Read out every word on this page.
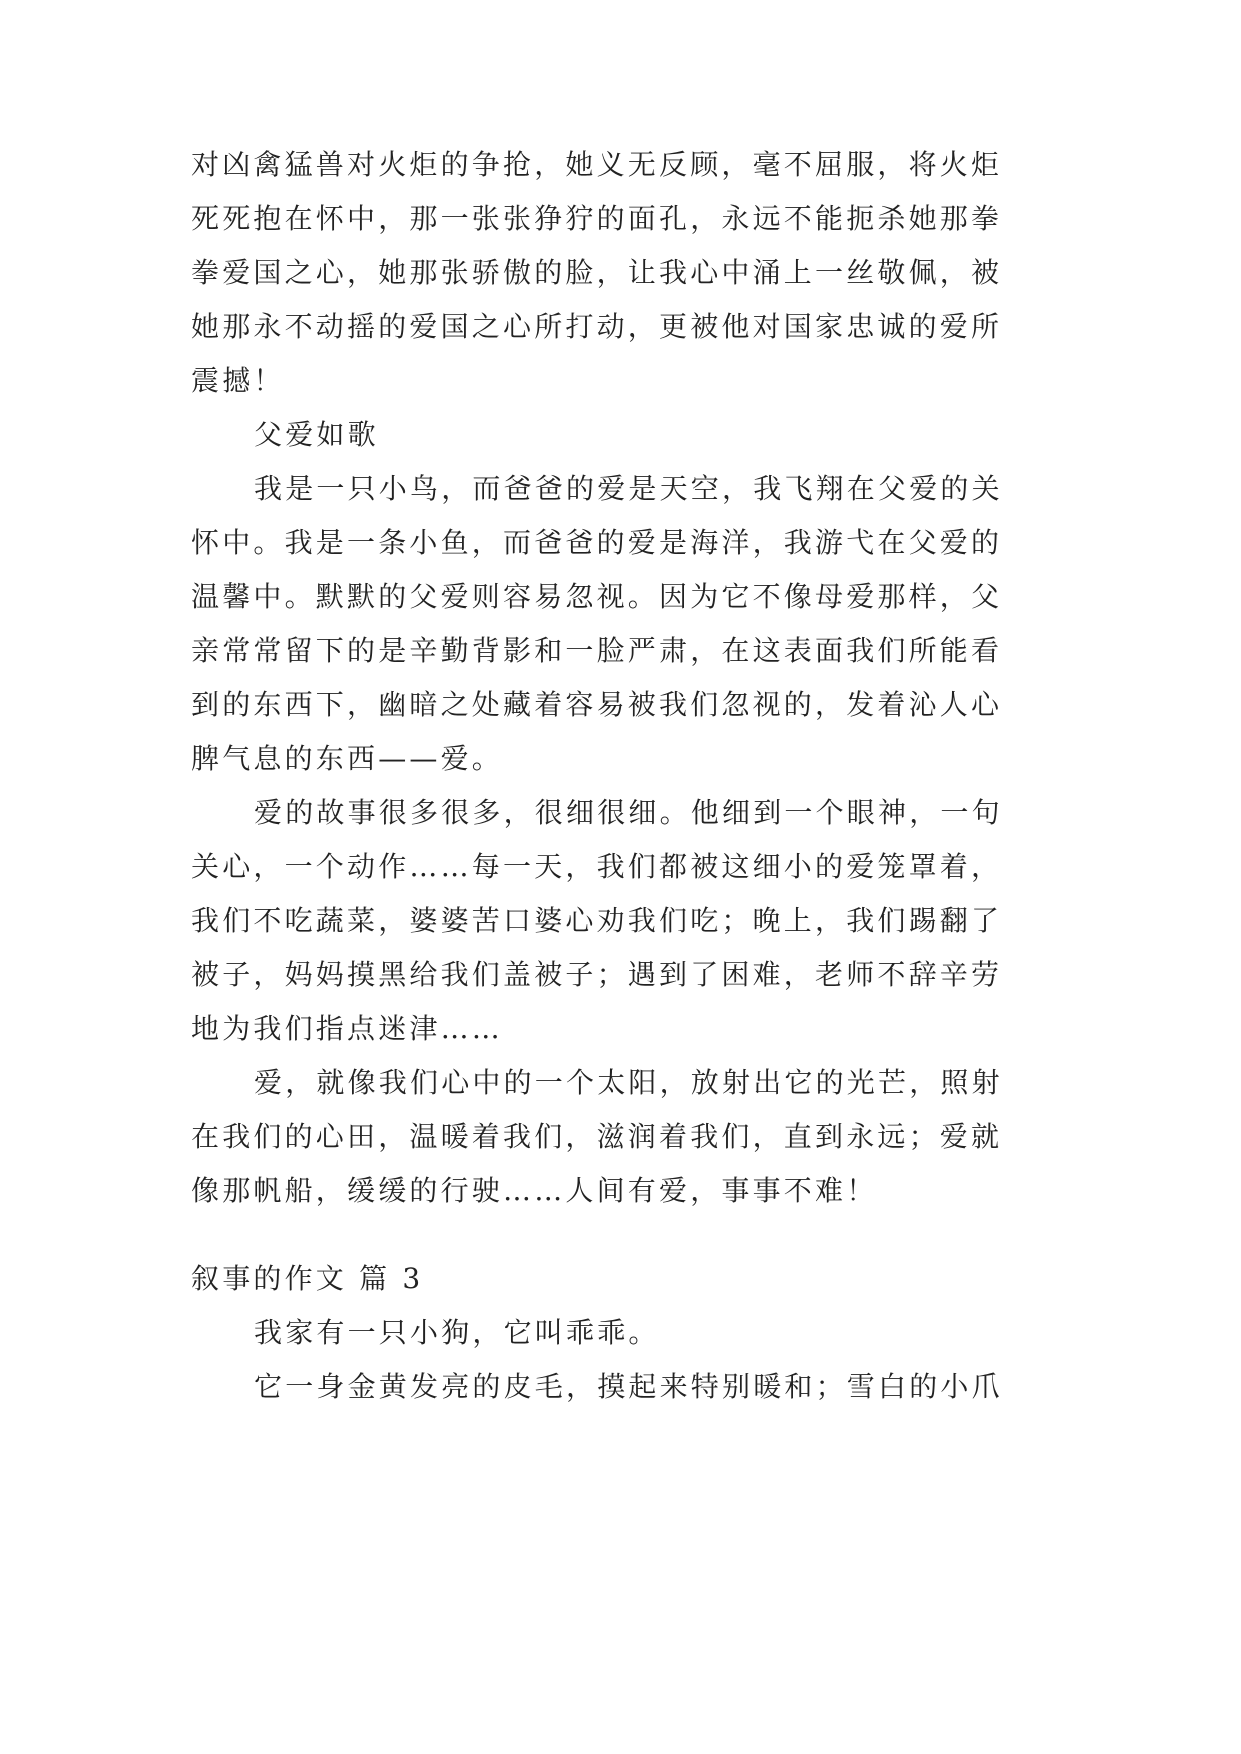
对凶禽猛兽对火炬的争抢，她义无反顾，毫不屈服，将火炬
死死抱在怀中，那一张张狰狞的面孔，永远不能扼杀她那拳
拳爱国之心，她那张骄傲的脸，让我心中涌上一丝敬佩，被
她那永不动摇的爱国之心所打动，更被他对国家忠诚的爱所
震撼！
父爱如歌
我是一只小鸟，而爸爸的爱是天空，我飞翔在父爱的关
怀中。我是一条小鱼，而爸爸的爱是海洋，我游弋在父爱的
温馨中。默默的父爱则容易忽视。因为它不像母爱那样，父
亲常常留下的是辛勤背影和一脸严肃，在这表面我们所能看
到的东西下，幽暗之处藏着容易被我们忽视的，发着沁人心
脾气息的东西——爱。
爱的故事很多很多，很细很细。他细到一个眼神，一句
关心，一个动作……每一天，我们都被这细小的爱笼罩着，
我们不吃蔬菜，婆婆苦口婆心劝我们吃；晚上，我们踢翻了
被子，妈妈摸黑给我们盖被子；遇到了困难，老师不辞辛劳
地为我们指点迷津……
爱，就像我们心中的一个太阳，放射出它的光芒，照射
在我们的心田，温暖着我们，滋润着我们，直到永远；爱就
像那帆船，缓缓的行驶……人间有爱，事事不难！
叙事的作文 篇 3
我家有一只小狗，它叫乖乖。
它一身金黄发亮的皮毛，摸起来特别暖和；雪白的小爪
